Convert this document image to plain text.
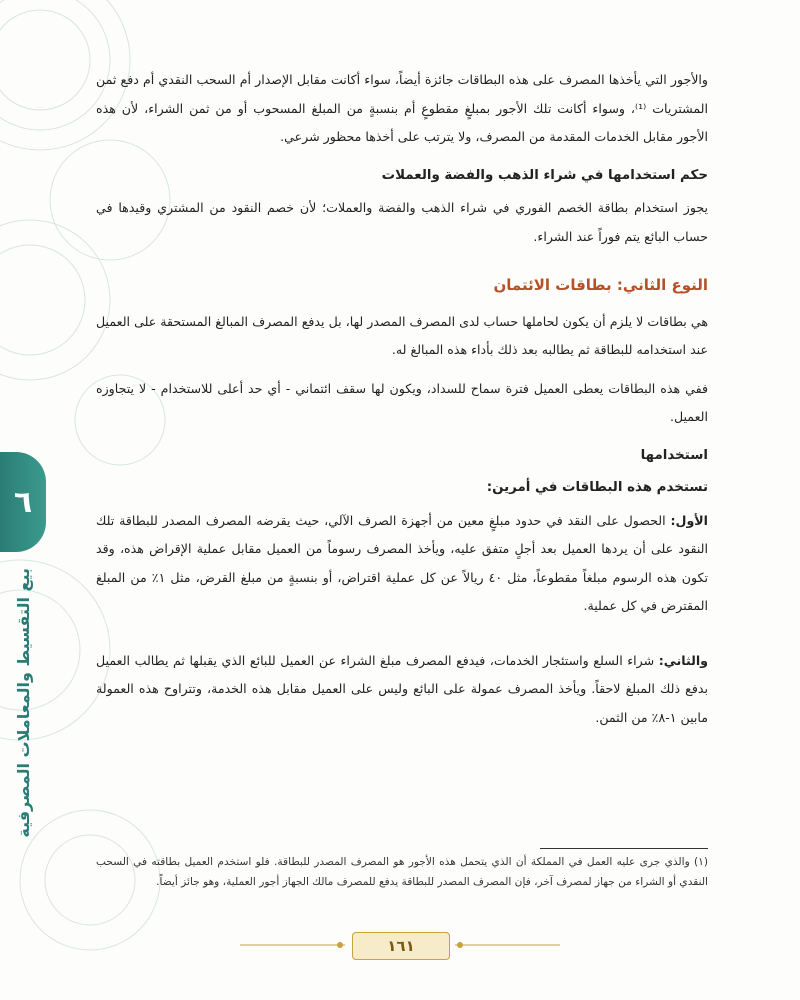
٦
بيع التقسيط والمعاملات المصرفية

والأجور التي يأخذها المصرف على هذه البطاقات جائزة أيضاً، سواء أكانت مقابل الإصدار أم السحب النقدي أم دفع ثمن المشتريات ⁽¹⁾، وسواء أكانت تلك الأجور بمبلغٍ مقطوعٍ أم بنسبةٍ من المبلغ المسحوب أو من ثمن الشراء، لأن هذه الأجور مقابل الخدمات المقدمة من المصرف، ولا يترتب على أخذها محظور شرعي.

حكم استخدامها في شراء الذهب والفضة والعملات

يجوز استخدام بطاقة الخصم الفوري في شراء الذهب والفضة والعملات؛ لأن خصم النقود من المشتري وقيدها في حساب البائع يتم فوراً عند الشراء.

النوع الثاني: بطاقات الائتمان

هي بطاقات لا يلزم أن يكون لحاملها حساب لدى المصرف المصدر لها، بل يدفع المصرف المبالغ المستحقة على العميل عند استخدامه للبطاقة ثم يطالبه بعد ذلك بأداء هذه المبالغ له.

ففي هذه البطاقات يعطى العميل فترة سماح للسداد، ويكون لها سقف ائتماني - أي حد أعلى للاستخدام - لا يتجاوزه العميل.

استخدامها

تستخدم هذه البطاقات في أمرين:

الأول: الحصول على النقد في حدود مبلغٍ معين من أجهزة الصرف الآلي، حيث يقرضه المصرف المصدر للبطاقة تلك النقود على أن يردها العميل بعد أجلٍ متفق عليه، ويأخذ المصرف رسوماً من العميل مقابل عملية الإقراض هذه، وقد تكون هذه الرسوم مبلغاً مقطوعاً، مثل ٤٠ ريالاً عن كل عملية اقتراض، أو بنسبةٍ من مبلغ القرض، مثل ١٪ من المبلغ المقترض في كل عملية.

والثاني: شراء السلع واستئجار الخدمات، فيدفع المصرف مبلغ الشراء عن العميل للبائع الذي يقبلها ثم يطالب العميل بدفع ذلك المبلغ لاحقاً. ويأخذ المصرف عمولة على البائع وليس على العميل مقابل هذه الخدمة، وتتراوح هذه العمولة مابين ١-٨٪ من الثمن.

(١) والذي جرى عليه العمل في المملكة أن الذي يتحمل هذه الأجور هو المصرف المصدر للبطاقة. فلو استخدم العميل بطاقته في السحب النقدي أو الشراء من جهاز لمصرف آخر، فإن المصرف المصدر للبطاقة يدفع للمصرف مالك الجهاز أجور العملية، وهو جائز أيضاً.

١٦١
